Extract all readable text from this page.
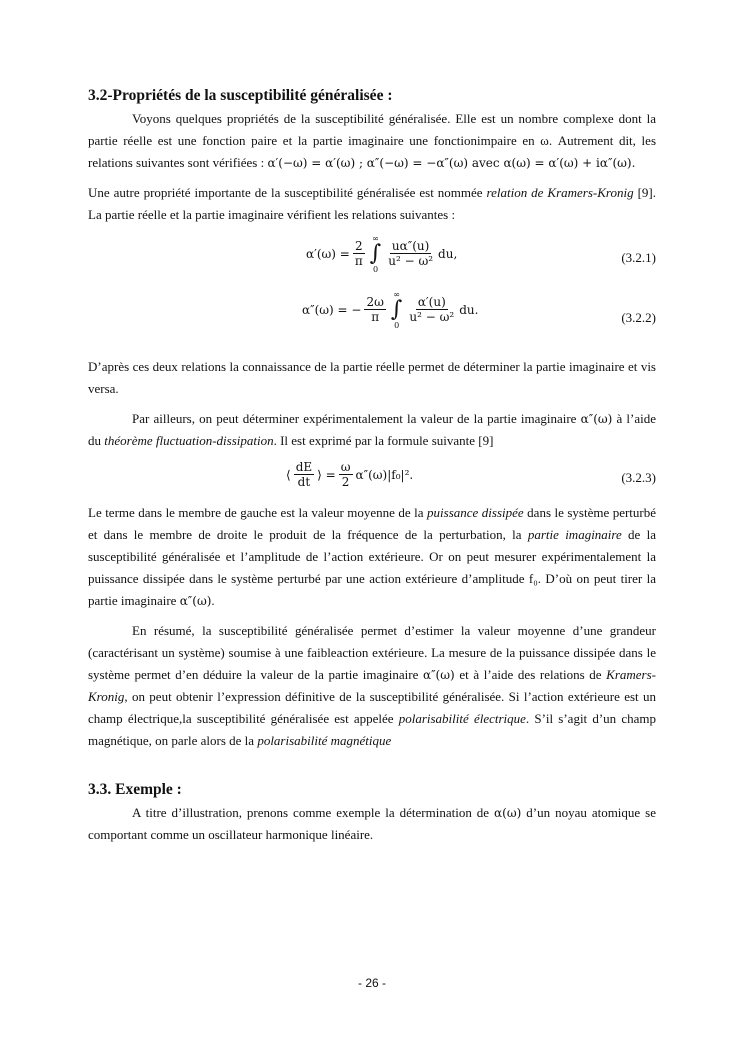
3.2-Propriétés de la susceptibilité généralisée :

Voyons quelques propriétés de la susceptibilité généralisée. Elle est un nombre complexe dont la partie réelle est une fonction paire et la partie imaginaire une fonctionimpaire en ω. Autrement dit, les relations suivantes sont vérifiées : α′(−ω) = α′(ω) ; α″(−ω) = −α″(ω) avec α(ω) = α′(ω) + iα″(ω).

Une autre propriété importante de la susceptibilité généralisée est nommée relation de Kramers-Kronig [9]. La partie réelle et la partie imaginaire vérifient les relations suivantes :

$\alpha'(\omega) = \frac{2}{\pi}$
∞
∫
0
$\frac{u\alpha''(u)}{\text{u² − ω²}}$ du,	(3.2.1)
α″(ω) = − $\frac{2\omega}{\pi}$
∞
∫
0
$\frac{\alpha'(u)}{\text{u² − ω²}}$ du.	(3.2.2)

D’après ces deux relations la connaissance de la partie réelle permet de déterminer la partie imaginaire et vis versa.

Par ailleurs, on peut déterminer expérimentalement la valeur de la partie imaginaire α″(ω) à l’aide du théorème fluctuation-dissipation. Il est exprimé par la formule suivante [9]

⟨ $\frac{dE}{dt}$ ⟩ = $\frac{\omega}{2} \alpha''(\omega)|f_0|^2$.	(3.2.3)

Le terme dans le membre de gauche est la valeur moyenne de la puissance dissipée dans le système perturbé et dans le membre de droite le produit de la fréquence de la perturbation, la partie imaginaire de la susceptibilité généralisée et l’amplitude de l’action extérieure. Or on peut mesurer expérimentalement la puissance dissipée dans le système perturbé par une action extérieure d’amplitude f₀. D’où on peut tirer la partie imaginaire α″(ω).

En résumé, la susceptibilité généralisée permet d’estimer la valeur moyenne d’une grandeur (caractérisant un système) soumise à une faibleaction extérieure. La mesure de la puissance dissipée dans le système permet d’en déduire la valeur de la partie imaginaire α″(ω) et à l’aide des relations de Kramers-Kronig, on peut obtenir l’expression définitive de la susceptibilité généralisée. Si l’action extérieure est un champ électrique,la susceptibilité généralisée est appelée polarisabilité électrique. S’il s’agit d’un champ magnétique, on parle alors de la polarisabilité magnétique

3.3. Exemple :

A titre d’illustration, prenons comme exemple la détermination de α(ω) d’un noyau atomique se comportant comme un oscillateur harmonique linéaire.

- 26 -
